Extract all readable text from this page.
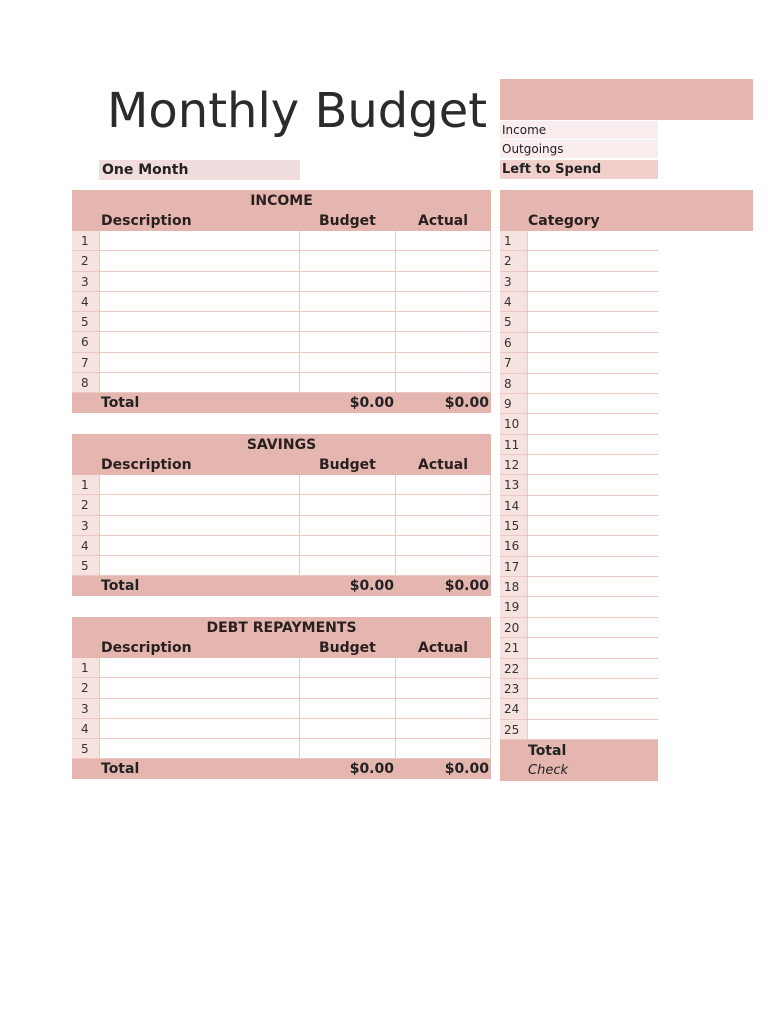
Monthly Budget
One Month
Income
Outgoings
Left to Spend
INCOME
Description	Budget	Actual
1
2
3
4
5
6
7
8
Total	$0.00	$0.00
SAVINGS
Description	Budget	Actual
1
2
3
4
5
Total	$0.00	$0.00
DEBT REPAYMENTS
Description	Budget	Actual
1
2
3
4
5
Total	$0.00	$0.00
Category
1
2
3
4
5
6
7
8
9
10
11
12
13
14
15
16
17
18
19
20
21
22
23
24
25
Total
Check
